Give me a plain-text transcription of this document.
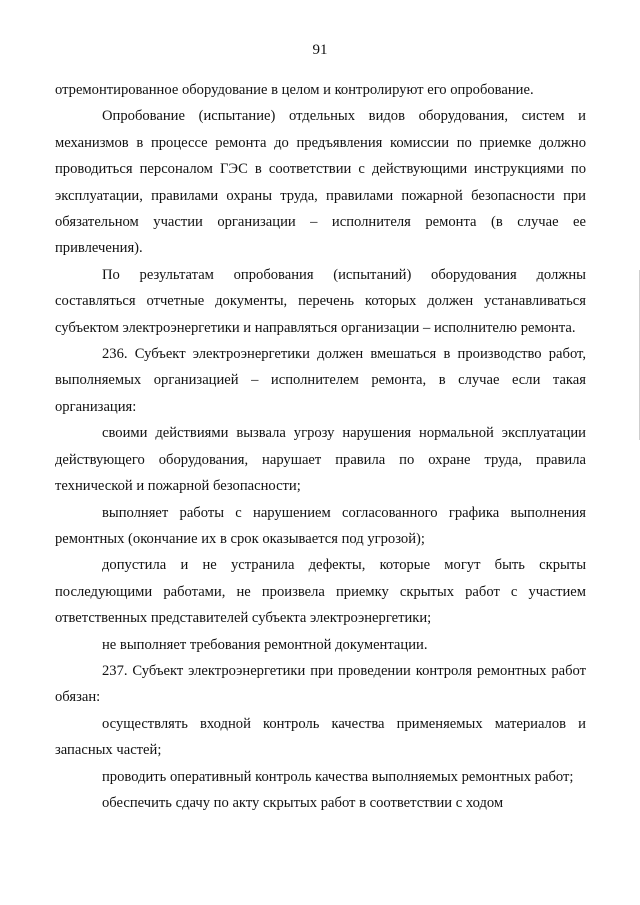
91

отремонтированное оборудование в целом и контролируют его опробование.

Опробование (испытание) отдельных видов оборудования, систем и механизмов в процессе ремонта до предъявления комиссии по приемке должно проводиться персоналом ГЭС в соответствии с действующими инструкциями по эксплуатации, правилами охраны труда, правилами пожарной безопасности при обязательном участии организации – исполнителя ремонта (в случае ее привлечения).

По результатам опробования (испытаний) оборудования должны составляться отчетные документы, перечень которых должен устанавливаться субъектом электроэнергетики и направляться организации – исполнителю ремонта.

236. Субъект электроэнергетики должен вмешаться в производство работ, выполняемых организацией – исполнителем ремонта, в случае если такая организация:

своими действиями вызвала угрозу нарушения нормальной эксплуатации действующего оборудования, нарушает правила по охране труда, правила технической и пожарной безопасности;

выполняет работы с нарушением согласованного графика выполнения ремонтных (окончание их в срок оказывается под угрозой);

допустила и не устранила дефекты, которые могут быть скрыты последующими работами, не произвела приемку скрытых работ с участием ответственных представителей субъекта электроэнергетики;

не выполняет требования ремонтной документации.

237. Субъект электроэнергетики при проведении контроля ремонтных работ обязан:

осуществлять входной контроль качества применяемых материалов и запасных частей;

проводить оперативный контроль качества выполняемых ремонтных работ;

обеспечить сдачу по акту скрытых работ в соответствии с ходом
